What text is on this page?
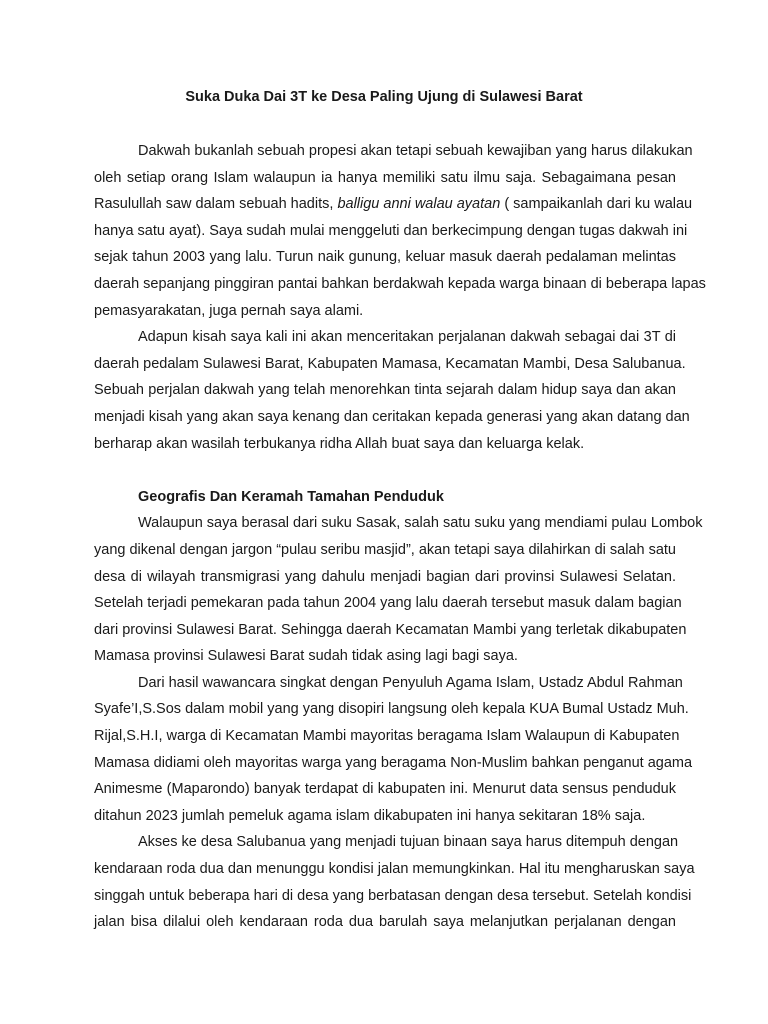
Suka Duka Dai 3T ke Desa Paling Ujung di Sulawesi Barat
Dakwah bukanlah sebuah propesi akan tetapi sebuah kewajiban yang harus dilakukan
oleh setiap orang Islam walaupun ia hanya memiliki satu ilmu saja. Sebagaimana pesan
Rasulullah saw dalam sebuah hadits, balligu anni walau ayatan ( sampaikanlah dari ku walau
hanya satu ayat). Saya sudah mulai menggeluti dan berkecimpung dengan tugas dakwah ini
sejak tahun 2003 yang lalu. Turun naik gunung, keluar masuk daerah pedalaman melintas
daerah sepanjang pinggiran pantai bahkan berdakwah kepada warga binaan di beberapa lapas
pemasyarakatan, juga pernah saya alami.
Adapun kisah saya kali ini akan menceritakan perjalanan dakwah sebagai dai 3T di
daerah pedalam Sulawesi Barat, Kabupaten Mamasa, Kecamatan Mambi, Desa Salubanua.
Sebuah perjalan dakwah yang telah menorehkan tinta sejarah dalam hidup saya dan akan
menjadi kisah yang akan saya kenang dan ceritakan kepada generasi yang akan datang dan
berharap akan wasilah terbukanya ridha Allah buat saya dan keluarga kelak.
Geografis Dan Keramah Tamahan Penduduk
Walaupun saya berasal dari suku Sasak, salah satu suku yang mendiami pulau Lombok
yang dikenal dengan jargon “pulau seribu masjid”, akan tetapi saya dilahirkan di salah satu
desa di wilayah transmigrasi yang dahulu menjadi bagian dari provinsi Sulawesi Selatan.
Setelah terjadi pemekaran pada tahun 2004 yang lalu daerah tersebut masuk dalam bagian
dari provinsi Sulawesi Barat. Sehingga daerah Kecamatan Mambi yang terletak dikabupaten
Mamasa provinsi Sulawesi Barat sudah tidak asing lagi bagi saya.
Dari hasil wawancara singkat dengan Penyuluh Agama Islam, Ustadz Abdul Rahman
Syafe’I,S.Sos dalam mobil yang yang disopiri langsung oleh kepala KUA Bumal Ustadz Muh.
Rijal,S.H.I, warga di Kecamatan Mambi mayoritas beragama Islam Walaupun di Kabupaten
Mamasa didiami oleh mayoritas warga yang beragama Non-Muslim bahkan penganut agama
Animesme (Maparondo) banyak terdapat di kabupaten ini. Menurut data sensus penduduk
ditahun 2023 jumlah pemeluk agama islam dikabupaten ini hanya sekitaran 18% saja.
Akses ke desa Salubanua yang menjadi tujuan binaan saya harus ditempuh dengan
kendaraan roda dua dan menunggu kondisi jalan memungkinkan. Hal itu mengharuskan saya
singgah untuk beberapa hari di desa yang berbatasan dengan desa tersebut. Setelah kondisi
jalan bisa dilalui oleh kendaraan roda dua barulah saya melanjutkan perjalanan dengan
